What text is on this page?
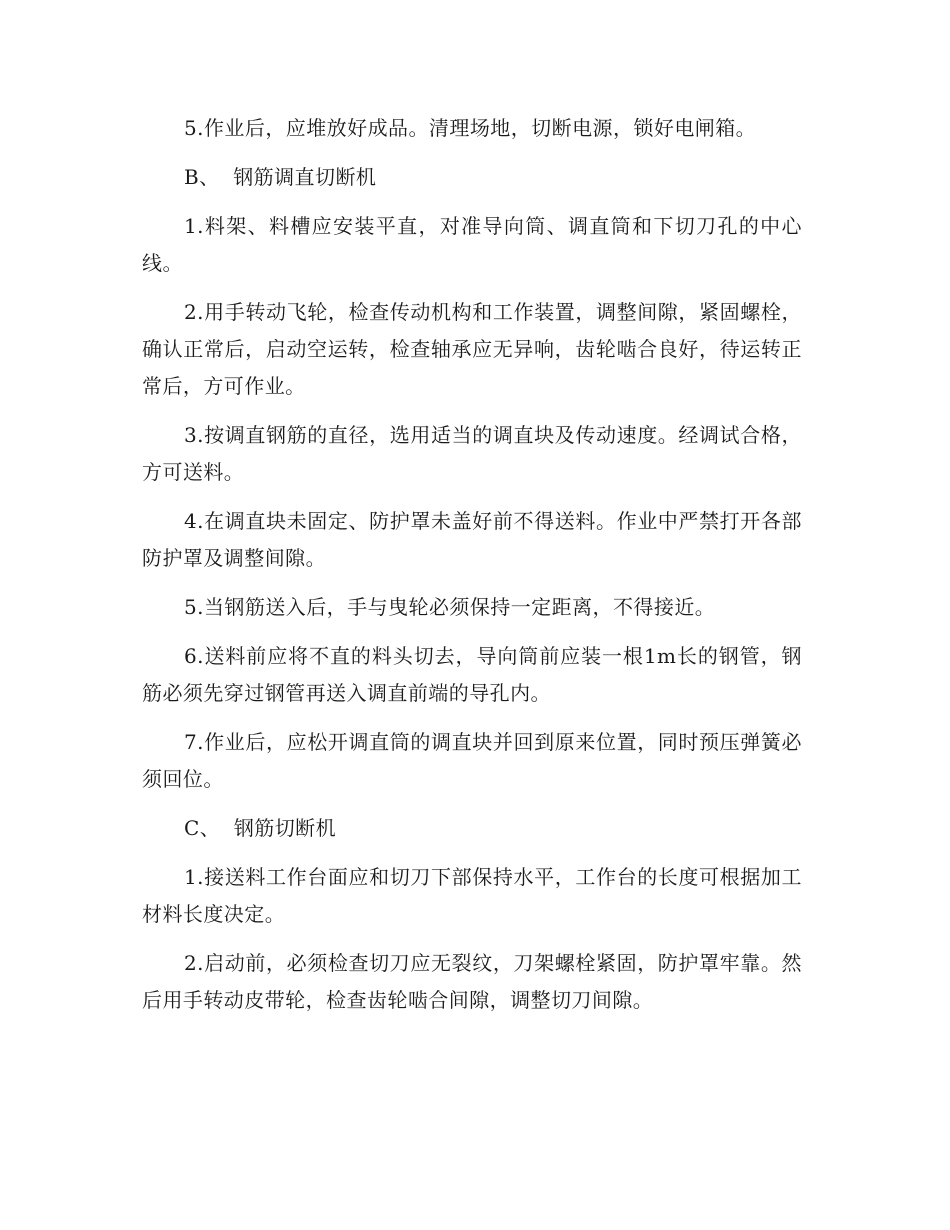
5.作业后，应堆放好成品。清理场地，切断电源，锁好电闸箱。

B、  钢筋调直切断机

1.料架、料槽应安装平直，对准导向筒、调直筒和下切刀孔的中心线。

2.用手转动飞轮，检查传动机构和工作装置，调整间隙，紧固螺栓，确认正常后，启动空运转，检查轴承应无异响，齿轮啮合良好，待运转正常后，方可作业。

3.按调直钢筋的直径，选用适当的调直块及传动速度。经调试合格，方可送料。

4.在调直块未固定、防护罩未盖好前不得送料。作业中严禁打开各部防护罩及调整间隙。

5.当钢筋送入后，手与曳轮必须保持一定距离，不得接近。

6.送料前应将不直的料头切去，导向筒前应装一根1m长的钢管，钢筋必须先穿过钢管再送入调直前端的导孔内。

7.作业后，应松开调直筒的调直块并回到原来位置，同时预压弹簧必须回位。

C、  钢筋切断机

1.接送料工作台面应和切刀下部保持水平，工作台的长度可根据加工材料长度决定。

2.启动前，必须检查切刀应无裂纹，刀架螺栓紧固，防护罩牢靠。然后用手转动皮带轮，检查齿轮啮合间隙，调整切刀间隙。
